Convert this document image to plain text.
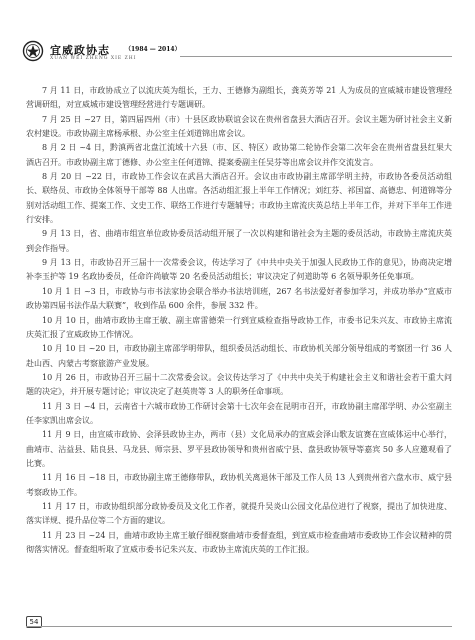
宜威政协志	（1984 — 2014）
XUAN WEI ZHENG XIE ZHI

7 月 11 日，市政协成立了以流庆英为组长，王力、王德修为副组长，龚英芳等 21 人为成员的宣威城市建设管理经营调研组，对宣威城市建设管理经营进行专题调研。

7 月 25 日 ~27 日，第四届四州（市）十县区政协联谊会议在贵州省盘县大酒店召开。会议主题为研讨社会主义新农村建设。市政协副主席杨承根、办公室主任刘道锦出席会议。

8 月 2 日 ~4 日，黔滇两省北盘江流域十六县（市、区、特区）政协第二轮协作会第二次年会在贵州省盘县红果大酒店召开。市政协副主席丁德修、办公室主任何道锦、提案委副主任吴芬等出席会议并作交流发言。

8 月 20 日 ~22 日，市政协工作会议在武昌大酒店召开。会议由市政协副主席邵学明主持，市政协各委员活动组长、联络员、市政协全体领导干部等 88 人出席。各活动组汇报上半年工作情况；刘红芬、祁国富、高德忠、何道锦等分别对活动组工作、提案工作、文史工作、联络工作进行专题辅导；市政协主席流庆英总结上半年工作，并对下半年工作进行安排。

9 月 13 日，省、曲靖市组宣单位政协委员活动组开展了一次以构建和谐社会为主题的委员活动，市政协主席流庆英到会作指导。

9 月 13 日，市政协召开三届十一次常委会议，传达学习了《中共中央关于加强人民政协工作的意见》，协商决定增补李玉护等 19 名政协委员，任命许尚敏等 20 名委员活动组长；审议决定了何道助等 6 名领导职务任免事项。

10 月 1 日 ~3 日，市政协与市书法家协会联合举办书法培训班，267 名书法爱好者参加学习，并成功举办“宣威市政协第四届书法作品大联赛”，收到作品 600 余件，参展 332 件。

10 月 10 日，曲靖市政协主席王敏、副主席雷德荣一行到宣威检查指导政协工作，市委书记朱兴友、市政协主席流庆英汇报了宣威政协工作情况。

10 月 10 日 ~20 日，市政协副主席邵学明带队，组织委员活动组长、市政协机关部分领导组成的考察团一行 36 人赴山西、内蒙古考察旅游产业发展。

10 月 26 日，市政协召开三届十二次常委会议。会议传达学习了《中共中央关于构建社会主义和谐社会若干重大问题的决定》，并开展专题讨论；审议决定了赵英贵等 3 人的职务任命事项。

11 月 3 日 ~4 日，云南省十六城市政协工作研讨会第十七次年会在昆明市召开，市政协副主席邵学明、办公室副主任李家凯出席会议。

11 月 9 日，由宣威市政协、会泽县政协主办，两市（县）文化局承办的宣威会泽山歌友谊赛在宣威体运中心举行，曲靖市、沾益县、陆良县、马龙县、师宗县、罗平县政协领导和贵州省威宁县、盘县政协领导等嘉宾 50 多人应邀观看了比赛。

11 月 16 日 ~18 日，市政协副主席王德修带队，政协机关离退休干部及工作人员 13 人到贵州省六盘水市、威宁县考察政协工作。

11 月 17 日，市政协组织部分政协委员及文化工作者，就提升吴炎山公园文化品位进行了视察，提出了加快进度、落实详规、提升品位等二个方面的建议。

11 月 23 日 ~24 日，曲靖市政协主席王敏仔细视察曲靖市委督查组，到宣威市检查曲靖市委政协工作会议精神的贯彻落实情况。督查组听取了宣威市委书记朱兴友、市政协主席流庆英的工作汇报。

54
